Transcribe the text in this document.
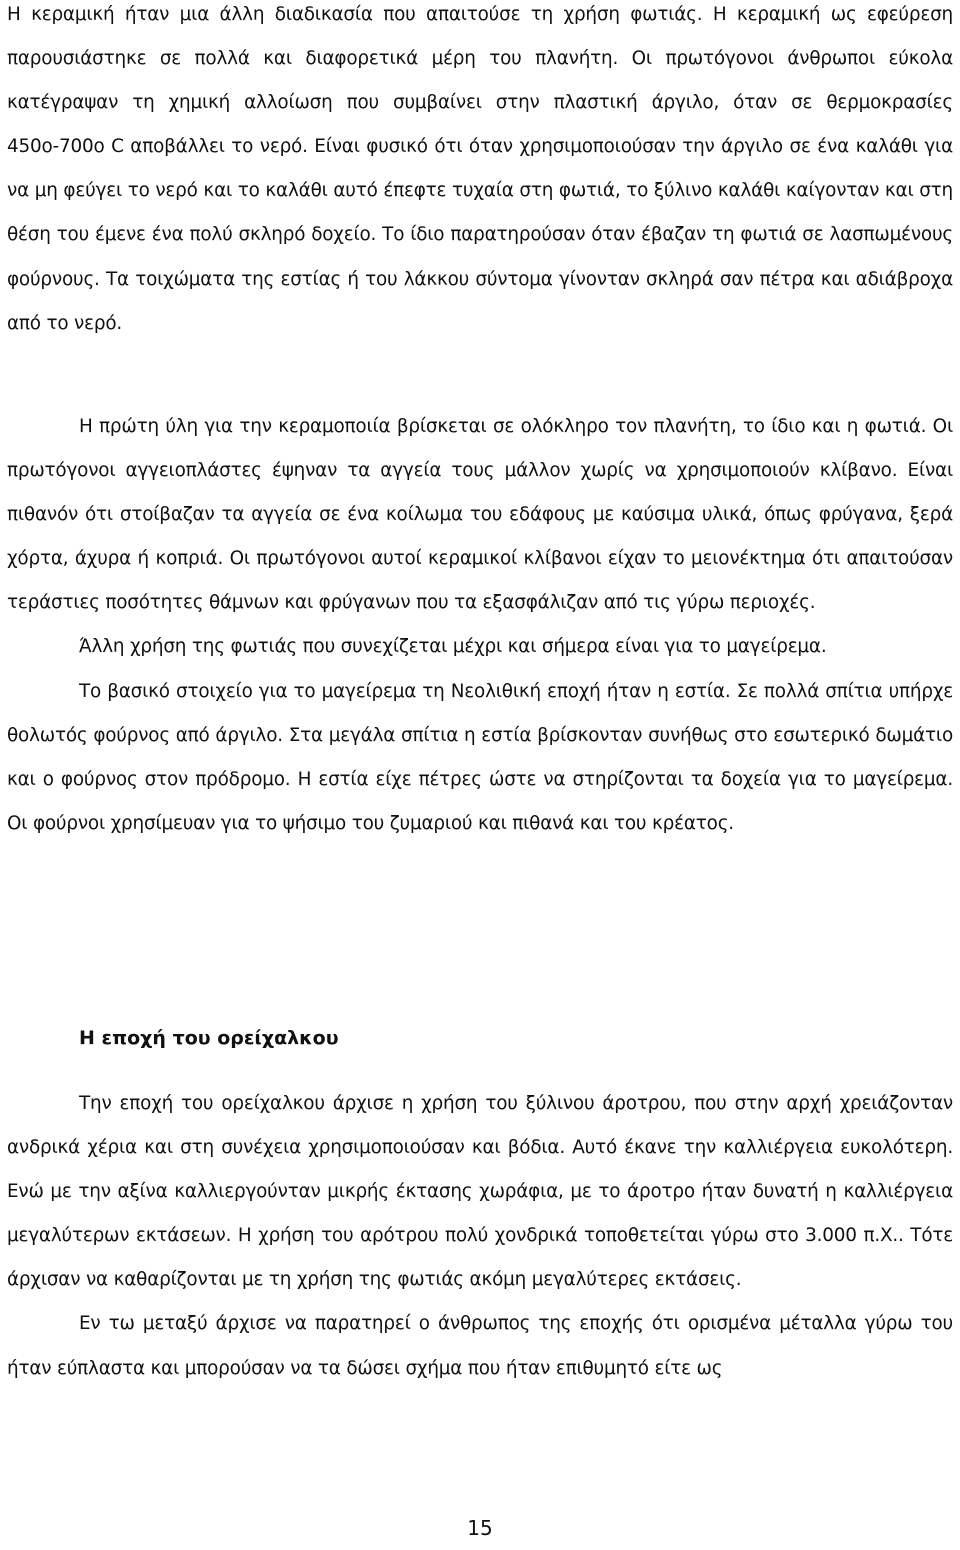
Η κεραμική ήταν μια άλλη διαδικασία που απαιτούσε τη χρήση φωτιάς. Η κεραμική ως εφεύρεση παρουσιάστηκε σε πολλά και διαφορετικά μέρη του πλανήτη. Οι πρωτόγονοι άνθρωποι εύκολα κατέγραψαν τη χημική αλλοίωση που συμβαίνει στην πλαστική άργιλο, όταν σε θερμοκρασίες 450ο-700ο C αποβάλλει το νερό. Είναι φυσικό ότι όταν χρησιμοποιούσαν την άργιλο σε ένα καλάθι για να μη φεύγει το νερό και το καλάθι αυτό έπεφτε τυχαία στη φωτιά, το ξύλινο καλάθι καίγονταν και στη θέση του έμενε ένα πολύ σκληρό δοχείο. Το ίδιο παρατηρούσαν όταν έβαζαν τη φωτιά σε λασπωμένους φούρνους. Τα τοιχώματα της εστίας ή του λάκκου σύντομα γίνονταν σκληρά σαν πέτρα και αδιάβροχα από το νερό.

Η πρώτη ύλη για την κεραμοποιία βρίσκεται σε ολόκληρο τον πλανήτη, το ίδιο και η φωτιά. Οι πρωτόγονοι αγγειοπλάστες έψηναν τα αγγεία τους μάλλον χωρίς να χρησιμοποιούν κλίβανο. Είναι πιθανόν ότι στοίβαζαν τα αγγεία σε ένα κοίλωμα του εδάφους με καύσιμα υλικά, όπως φρύγανα, ξερά χόρτα, άχυρα ή κοπριά. Οι πρωτόγονοι αυτοί κεραμικοί κλίβανοι είχαν το μειονέκτημα ότι απαιτούσαν τεράστιες ποσότητες θάμνων και φρύγανων που τα εξασφάλιζαν από τις γύρω περιοχές.

Άλλη χρήση της φωτιάς που συνεχίζεται μέχρι και σήμερα είναι για το μαγείρεμα.

Το βασικό στοιχείο για το μαγείρεμα τη Νεολιθική εποχή ήταν η εστία. Σε πολλά σπίτια υπήρχε θολωτός φούρνος από άργιλο. Στα μεγάλα σπίτια η εστία βρίσκονταν συνήθως στο εσωτερικό δωμάτιο και ο φούρνος στον πρόδρομο. Η εστία είχε πέτρες ώστε να στηρίζονται τα δοχεία για το μαγείρεμα. Οι φούρνοι χρησίμευαν για το ψήσιμο του ζυμαριού και πιθανά και του κρέατος.

Η εποχή του ορείχαλκου

Την εποχή του ορείχαλκου άρχισε η χρήση του ξύλινου άροτρου, που στην αρχή χρειάζονταν ανδρικά χέρια και στη συνέχεια χρησιμοποιούσαν και βόδια. Αυτό έκανε την καλλιέργεια ευκολότερη. Ενώ με την αξίνα καλλιεργούνταν μικρής έκτασης χωράφια, με το άροτρο ήταν δυνατή η καλλιέργεια μεγαλύτερων εκτάσεων. Η χρήση του αρότρου πολύ χονδρικά τοποθετείται γύρω στο 3.000 π.Χ.. Τότε άρχισαν να καθαρίζονται με τη χρήση της φωτιάς ακόμη μεγαλύτερες εκτάσεις.

Εν τω μεταξύ άρχισε να παρατηρεί ο άνθρωπος της εποχής ότι ορισμένα μέταλλα γύρω του ήταν εύπλαστα και μπορούσαν να τα δώσει σχήμα που ήταν επιθυμητό είτε ως

15
